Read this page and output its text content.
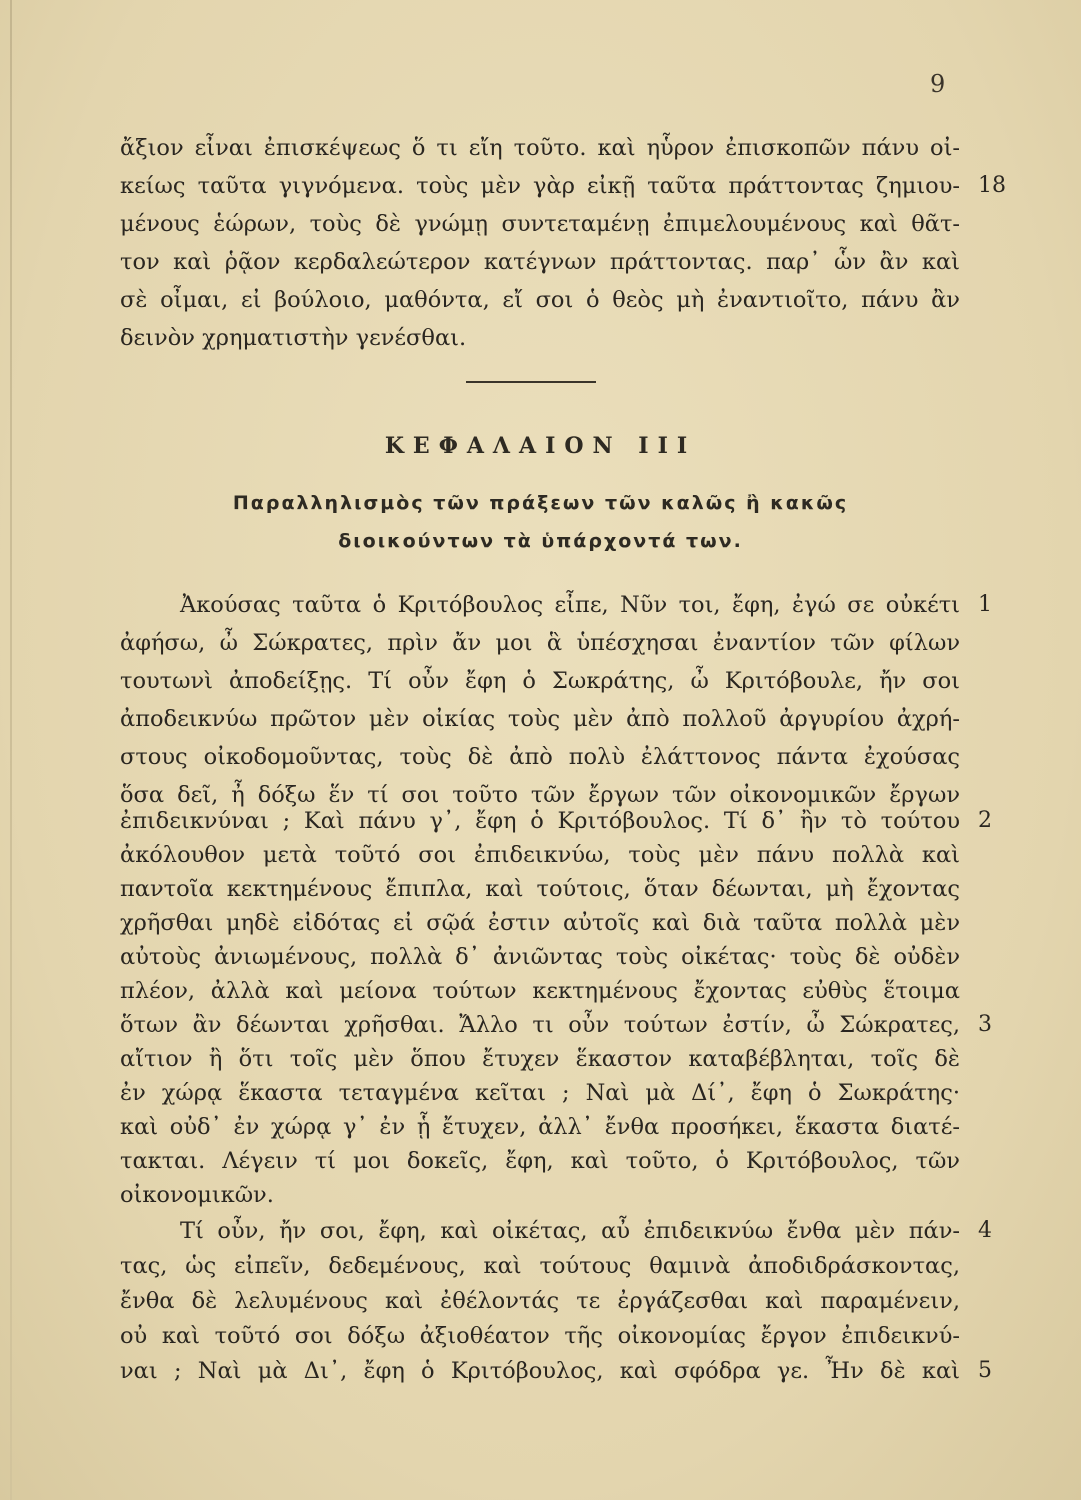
9
ἄξιον εἶναι ἐπισκέψεως ὅ τι εἴη τοῦτο. καὶ ηὗρον ἐπισκοπῶν πάνυ οἰ-
κείως ταῦτα γιγνόμενα. τοὺς μὲν γὰρ εἰκῇ ταῦτα πράττοντας ζημιου- 18
μένους ἑώρων, τοὺς δὲ γνώμῃ συντεταμένῃ ἐπιμελουμένους καὶ θᾶτ-
τον καὶ ῥᾷον κερδαλεώτερον κατέγνων πράττοντας. παρ᾽ ὧν ἂν καὶ
σὲ οἶμαι, εἰ βούλοιο, μαθόντα, εἴ σοι ὁ θεὸς μὴ ἐναντιοῖτο, πάνυ ἂν
δεινὸν χρηματιστὴν γενέσθαι.
ΚΕΦΑΛΑΙΟΝ III
Παραλληλισμὸς τῶν πράξεων τῶν καλῶς ἢ κακῶς
διοικούντων τὰ ὑπάρχοντά των.
Ἀκούσας ταῦτα ὁ Κριτόβουλος εἶπε, Νῦν τοι, ἔφη, ἐγώ σε οὐκέτι 1
ἀφήσω, ὦ Σώκρατες, πρὶν ἄν μοι ἃ ὑπέσχησαι ἐναντίον τῶν φίλων
τουτωνὶ ἀποδείξῃς. Τί οὖν ἔφη ὁ Σωκράτης, ὦ Κριτόβουλε, ἤν σοι
ἀποδεικνύω πρῶτον μὲν οἰκίας τοὺς μὲν ἀπὸ πολλοῦ ἀργυρίου ἀχρή-
στους οἰκοδομοῦντας, τοὺς δὲ ἀπὸ πολὺ ἐλάττονος πάντα ἐχούσας
ὅσα δεῖ, ἦ δόξω ἕν τί σοι τοῦτο τῶν ἔργων τῶν οἰκονομικῶν ἔργων
ἐπιδεικνύναι ; Καὶ πάνυ γ᾽, ἔφη ὁ Κριτόβουλος. Τί δ᾽ ἢν τὸ τούτου 2
ἀκόλουθον μετὰ τοῦτό σοι ἐπιδεικνύω, τοὺς μὲν πάνυ πολλὰ καὶ
παντοῖα κεκτημένους ἔπιπλα, καὶ τούτοις, ὅταν δέωνται, μὴ ἔχοντας
χρῆσθαι μηδὲ εἰδότας εἰ σῷά ἐστιν αὐτοῖς καὶ διὰ ταῦτα πολλὰ μὲν
αὐτοὺς ἀνιωμένους, πολλὰ δ᾽ ἀνιῶντας τοὺς οἰκέτας· τοὺς δὲ οὐδὲν
πλέον, ἀλλὰ καὶ μείονα τούτων κεκτημένους ἔχοντας εὐθὺς ἕτοιμα
ὅτων ἂν δέωνται χρῆσθαι. Ἄλλο τι οὖν τούτων ἐστίν, ὦ Σώκρατες, 3
αἴτιον ἢ ὅτι τοῖς μὲν ὅπου ἔτυχεν ἕκαστον καταβέβληται, τοῖς δὲ
ἐν χώρᾳ ἕκαστα τεταγμένα κεῖται ; Ναὶ μὰ Δί᾽, ἔφη ὁ Σωκράτης·
καὶ οὐδ᾽ ἐν χώρᾳ γ᾽ ἐν ᾗ ἔτυχεν, ἀλλ᾽ ἔνθα προσήκει, ἕκαστα διατέ-
τακται. Λέγειν τί μοι δοκεῖς, ἔφη, καὶ τοῦτο, ὁ Κριτόβουλος, τῶν
οἰκονομικῶν.
Τί οὖν, ἤν σοι, ἔφη, καὶ οἰκέτας, αὖ ἐπιδεικνύω ἔνθα μὲν πάν- 4
τας, ὡς εἰπεῖν, δεδεμένους, καὶ τούτους θαμινὰ ἀποδιδράσκοντας,
ἔνθα δὲ λελυμένους καὶ ἐθέλοντάς τε ἐργάζεσθαι καὶ παραμένειν,
οὐ καὶ τοῦτό σοι δόξω ἀξιοθέατον τῆς οἰκονομίας ἔργον ἐπιδεικνύ-
ναι ; Ναὶ μὰ Δι᾽, ἔφη ὁ Κριτόβουλος, καὶ σφόδρα γε. Ἦν δὲ καὶ 5
